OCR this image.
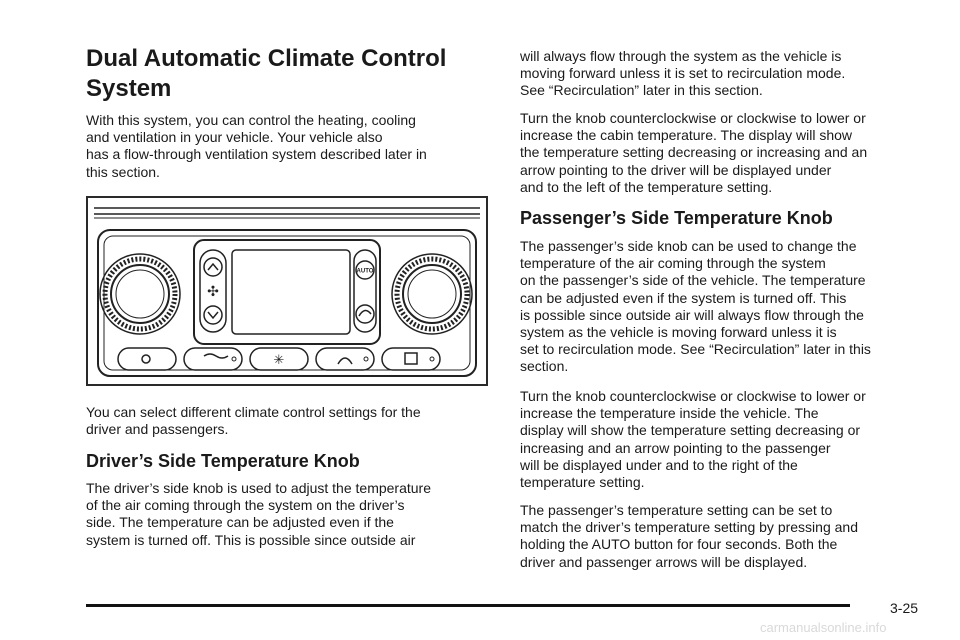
Dual Automatic Climate Control
System

With this system, you can control the heating, cooling
and ventilation in your vehicle. Your vehicle also
has a flow-through ventilation system described later in
this section.

You can select different climate control settings for the
driver and passengers.

Driver’s Side Temperature Knob

The driver’s side knob is used to adjust the temperature
of the air coming through the system on the driver’s
side. The temperature can be adjusted even if the
system is turned off. This is possible since outside air

✣
AUTO
✳

will always flow through the system as the vehicle is
moving forward unless it is set to recirculation mode.
See “Recirculation” later in this section.

Turn the knob counterclockwise or clockwise to lower or
increase the cabin temperature. The display will show
the temperature setting decreasing or increasing and an
arrow pointing to the driver will be displayed under
and to the left of the temperature setting.

Passenger’s Side Temperature Knob

The passenger’s side knob can be used to change the
temperature of the air coming through the system
on the passenger’s side of the vehicle. The temperature
can be adjusted even if the system is turned off. This
is possible since outside air will always flow through the
system as the vehicle is moving forward unless it is
set to recirculation mode. See “Recirculation” later in this
section.

Turn the knob counterclockwise or clockwise to lower or
increase the temperature inside the vehicle. The
display will show the temperature setting decreasing or
increasing and an arrow pointing to the passenger
will be displayed under and to the right of the
temperature setting.

The passenger’s temperature setting can be set to
match the driver’s temperature setting by pressing and
holding the AUTO button for four seconds. Both the
driver and passenger arrows will be displayed.

3-25
carmanualsonline.info
